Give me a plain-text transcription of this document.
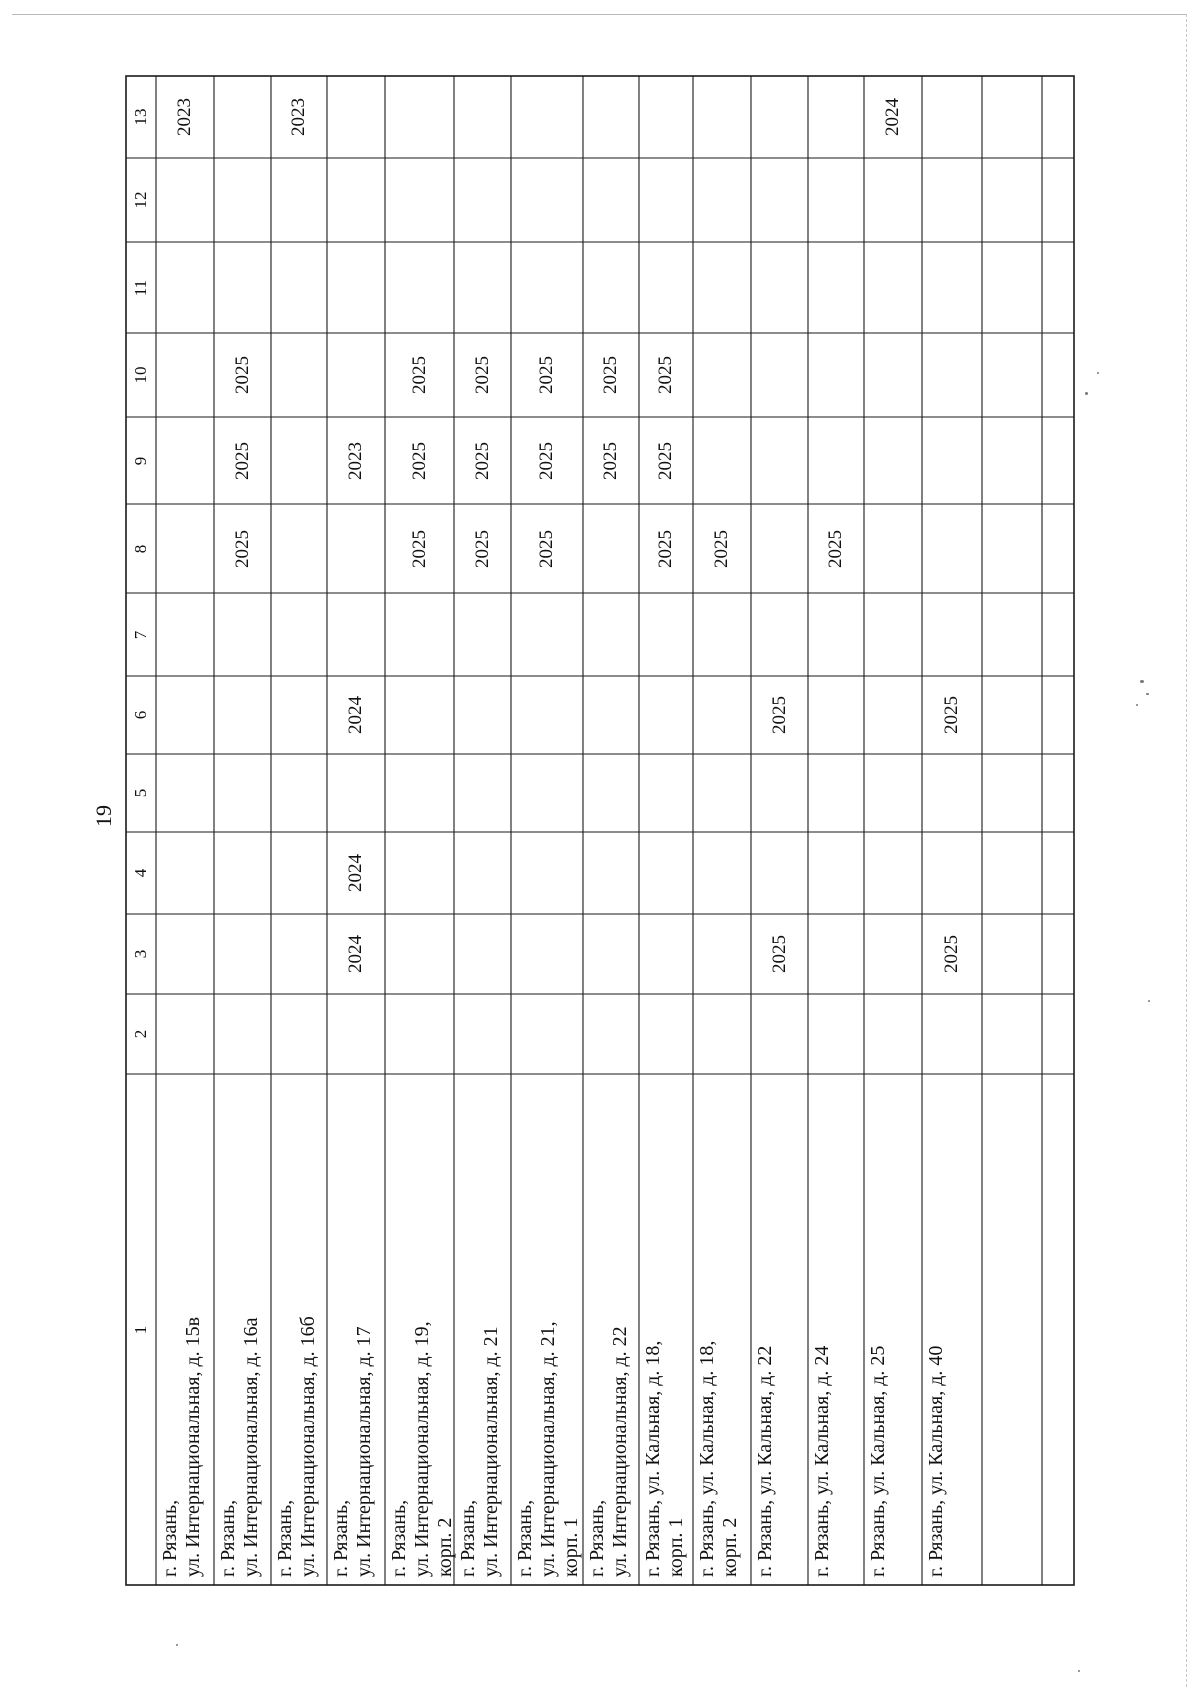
19
1
2
3
4
5
6
7
8
9
10
11
12
13
г. Рязань, ул. Интернациональная, д. 15в
2023
г. Рязань, ул. Интернациональная, д. 16а
2025
2025
2025
г. Рязань, ул. Интернациональная, д. 16б
2023
г. Рязань, ул. Интернациональная, д. 17
2024
2024
2024
2023
г. Рязань, ул. Интернациональная, д. 19, корп. 2
2025
2025
2025
г. Рязань, ул. Интернациональная, д. 21
2025
2025
2025
г. Рязань, ул. Интернациональная, д. 21, корп. 1
2025
2025
2025
г. Рязань, ул. Интернациональная, д. 22
2025
2025
г. Рязань, ул. Кальная, д. 18, корп. 1
2025
2025
2025
г. Рязань, ул. Кальная, д. 18, корп. 2
2025
г. Рязань, ул. Кальная, д. 22
2025
2025
г. Рязань, ул. Кальная, д. 24
2025
г. Рязань, ул. Кальная, д. 25
2024
г. Рязань, ул. Кальная, д. 40
2025
2025
